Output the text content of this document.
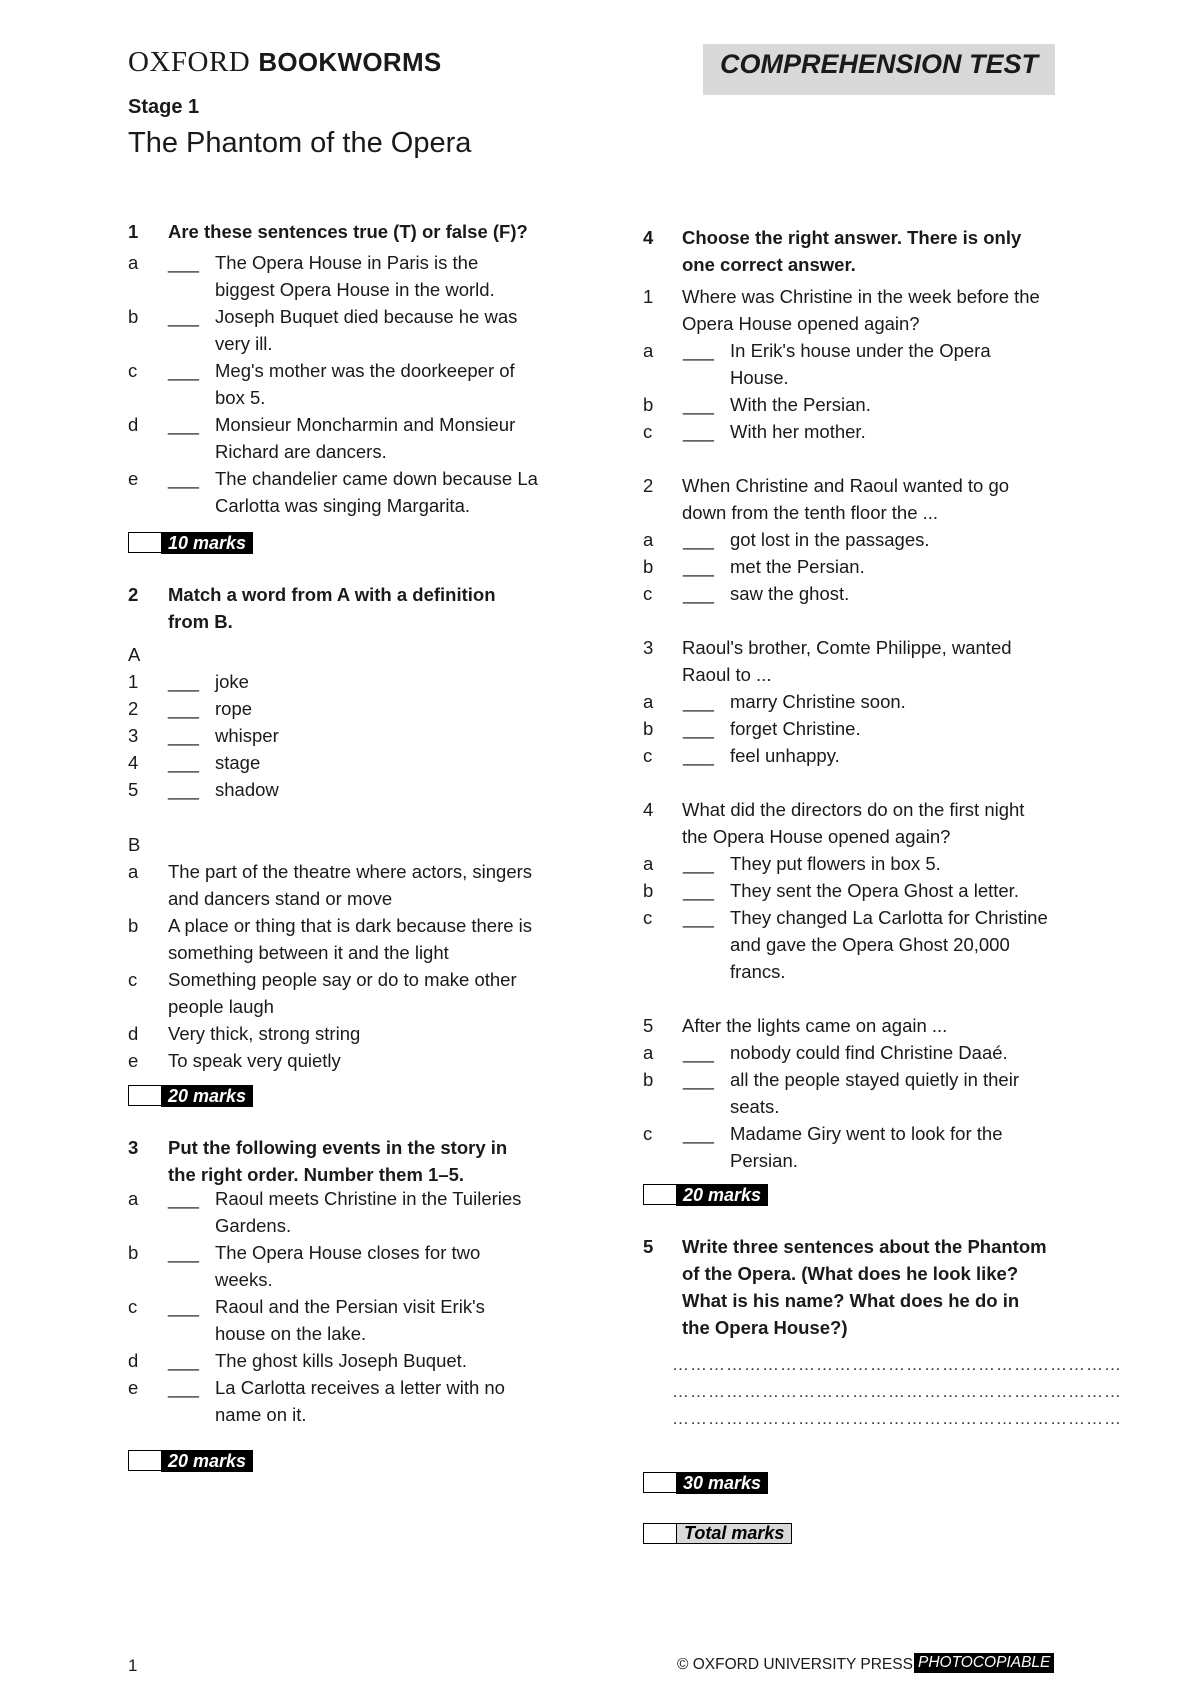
OXFORD BOOKWORMS	COMPREHENSION TEST
Stage 1
The Phantom of the Opera
1 Are these sentences true (T) or false (F)?
a ___ The Opera House in Paris is the
biggest Opera House in the world.
b ___ Joseph Buquet died because he was
very ill.
c ___ Meg's mother was the doorkeeper of
box 5.
d ___ Monsieur Moncharmin and Monsieur
Richard are dancers.
e ___ The chandelier came down because La
Carlotta was singing Margarita.
10 marks
2 Match a word from A with a definition
from B.
A
1 ___ joke
2 ___ rope
3 ___ whisper
4 ___ stage
5 ___ shadow
B
a The part of the theatre where actors, singers
and dancers stand or move
b A place or thing that is dark because there is
something between it and the light
c Something people say or do to make other
people laugh
d Very thick, strong string
e To speak very quietly
20 marks
3 Put the following events in the story in
the right order. Number them 1–5.
a ___ Raoul meets Christine in the Tuileries
Gardens.
b ___ The Opera House closes for two
weeks.
c ___ Raoul and the Persian visit Erik's
house on the lake.
d ___ The ghost kills Joseph Buquet.
e ___ La Carlotta receives a letter with no
name on it.
20 marks
4 Choose the right answer. There is only
one correct answer.
1 Where was Christine in the week before the
Opera House opened again?
a ___ In Erik's house under the Opera
House.
b ___ With the Persian.
c ___ With her mother.
2 When Christine and Raoul wanted to go
down from the tenth floor the ...
a ___ got lost in the passages.
b ___ met the Persian.
c ___ saw the ghost.
3 Raoul's brother, Comte Philippe, wanted
Raoul to ...
a ___ marry Christine soon.
b ___ forget Christine.
c ___ feel unhappy.
4 What did the directors do on the first night
the Opera House opened again?
a ___ They put flowers in box 5.
b ___ They sent the Opera Ghost a letter.
c ___ They changed La Carlotta for Christine
and gave the Opera Ghost 20,000
francs.
5 After the lights came on again ...
a ___ nobody could find Christine Daaé.
b ___ all the people stayed quietly in their
seats.
c ___ Madame Giry went to look for the
Persian.
20 marks
5 Write three sentences about the Phantom
of the Opera. (What does he look like?
What is his name? What does he do in
the Opera House?)
…………………………………………………………………
…………………………………………………………………
…………………………………………………………………
30 marks
Total marks
1	© OXFORD UNIVERSITY PRESS PHOTOCOPIABLE
